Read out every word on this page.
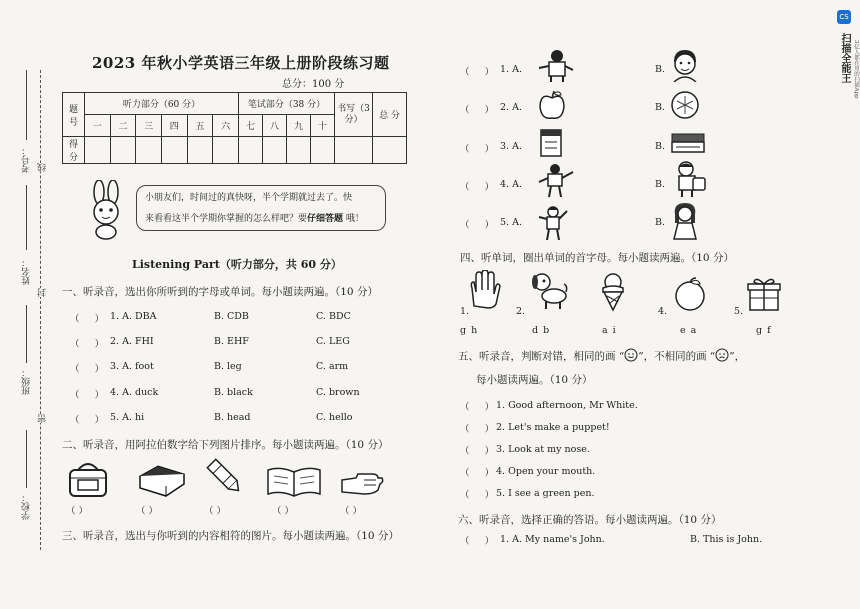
考号： 线
姓名：
封
班级：
密
学校：
2023 年秋小学英语三年级上册阶段练习题
总分：100 分
题号	听力部分（60 分）						笔试部分（38 分）				书写（3 分）	总 分
	一	二	三	四	五	六	七	八	九	十		
得分												
小朋友们，时间过的真快呀，半个学期就过去了。快
来看看这半个学期你掌握的怎么样吧？要仔细答题 哦！
Listening Part（听力部分，共 60 分）
一、听录音，选出你所听到的字母或单词。每小题读两遍。（10 分）
（ ） 1. A. DBA	B. CDB	C. BDC
（ ） 2. A. FHI	B. EHF	C. LEG
（ ） 3. A. foot	B. leg	C. arm
（ ） 4. A. duck	B. black	C. brown
（ ） 5. A. hi	B. head	C. hello
二、听录音，用阿拉伯数字给下列图片排序。每小题读两遍。（10 分）
（ ）	（ ）	（ ）	（ ）	（ ）
三、听录音，选出与你听到的内容相符的图片。每小题读两遍。（10 分）
（ ） 1. A.	B.
（ ） 2. A.	B.
（ ） 3. A.	B.
（ ） 4. A.	B.
（ ） 5. A.	B.
四、听单词，圈出单词的首字母。每小题读两遍。（10 分）
1.
g h
2.
d b	a i
4.
e a
5.
g f
五、听录音，判断对错，相同的画 “ ”，不相同的画 “ ”，
每小题读两遍。（10 分）
（ ） 1. Good afternoon, Mr White.
（ ） 2. Let's make a puppet!
（ ） 3. Look at my nose.
（ ） 4. Open your mouth.
（ ） 5. I see a green pen.
六、听录音，选择正确的答语。每小题读两遍。（10 分）
（ ） 1. A. My name's John.	B. This is John.
CS 扫描全能王 3亿人都在用的扫描App
